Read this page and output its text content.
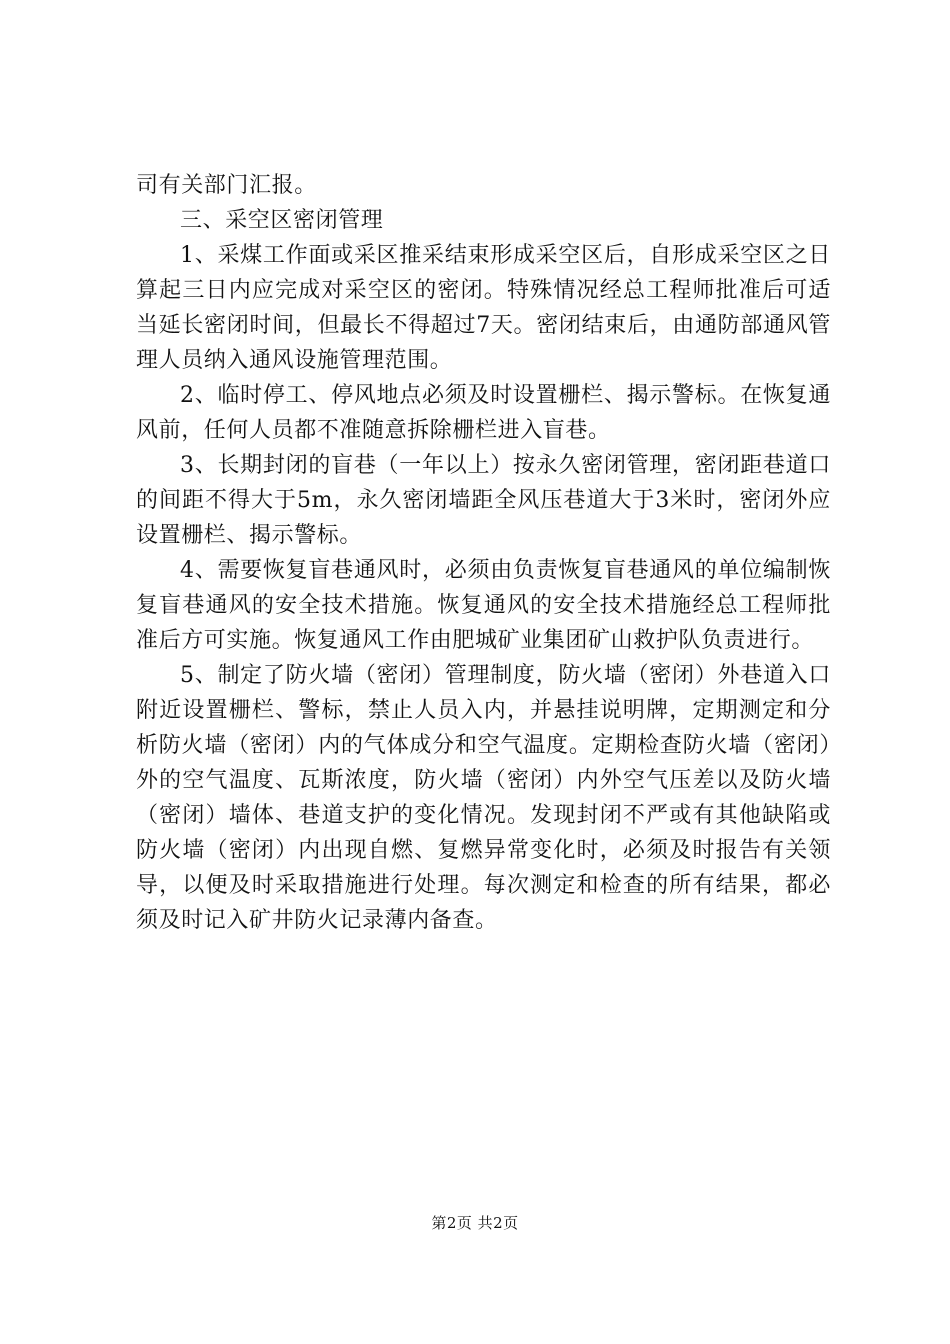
司有关部门汇报。

三、采空区密闭管理

1、采煤工作面或采区推采结束形成采空区后，自形成采空区之日算起三日内应完成对采空区的密闭。特殊情况经总工程师批准后可适当延长密闭时间，但最长不得超过7天。密闭结束后，由通防部通风管理人员纳入通风设施管理范围。

2、临时停工、停风地点必须及时设置栅栏、揭示警标。在恢复通风前，任何人员都不准随意拆除栅栏进入盲巷。

3、长期封闭的盲巷（一年以上）按永久密闭管理，密闭距巷道口的间距不得大于5m，永久密闭墙距全风压巷道大于3米时，密闭外应设置栅栏、揭示警标。

4、需要恢复盲巷通风时，必须由负责恢复盲巷通风的单位编制恢复盲巷通风的安全技术措施。恢复通风的安全技术措施经总工程师批准后方可实施。恢复通风工作由肥城矿业集团矿山救护队负责进行。

5、制定了防火墙（密闭）管理制度，防火墙（密闭）外巷道入口附近设置栅栏、警标，禁止人员入内，并悬挂说明牌，定期测定和分析防火墙（密闭）内的气体成分和空气温度。定期检查防火墙（密闭）外的空气温度、瓦斯浓度，防火墙（密闭）内外空气压差以及防火墙（密闭）墙体、巷道支护的变化情况。发现封闭不严或有其他缺陷或防火墙（密闭）内出现自燃、复燃异常变化时，必须及时报告有关领导，以便及时采取措施进行处理。每次测定和检查的所有结果，都必须及时记入矿井防火记录薄内备查。

第2页 共2页
